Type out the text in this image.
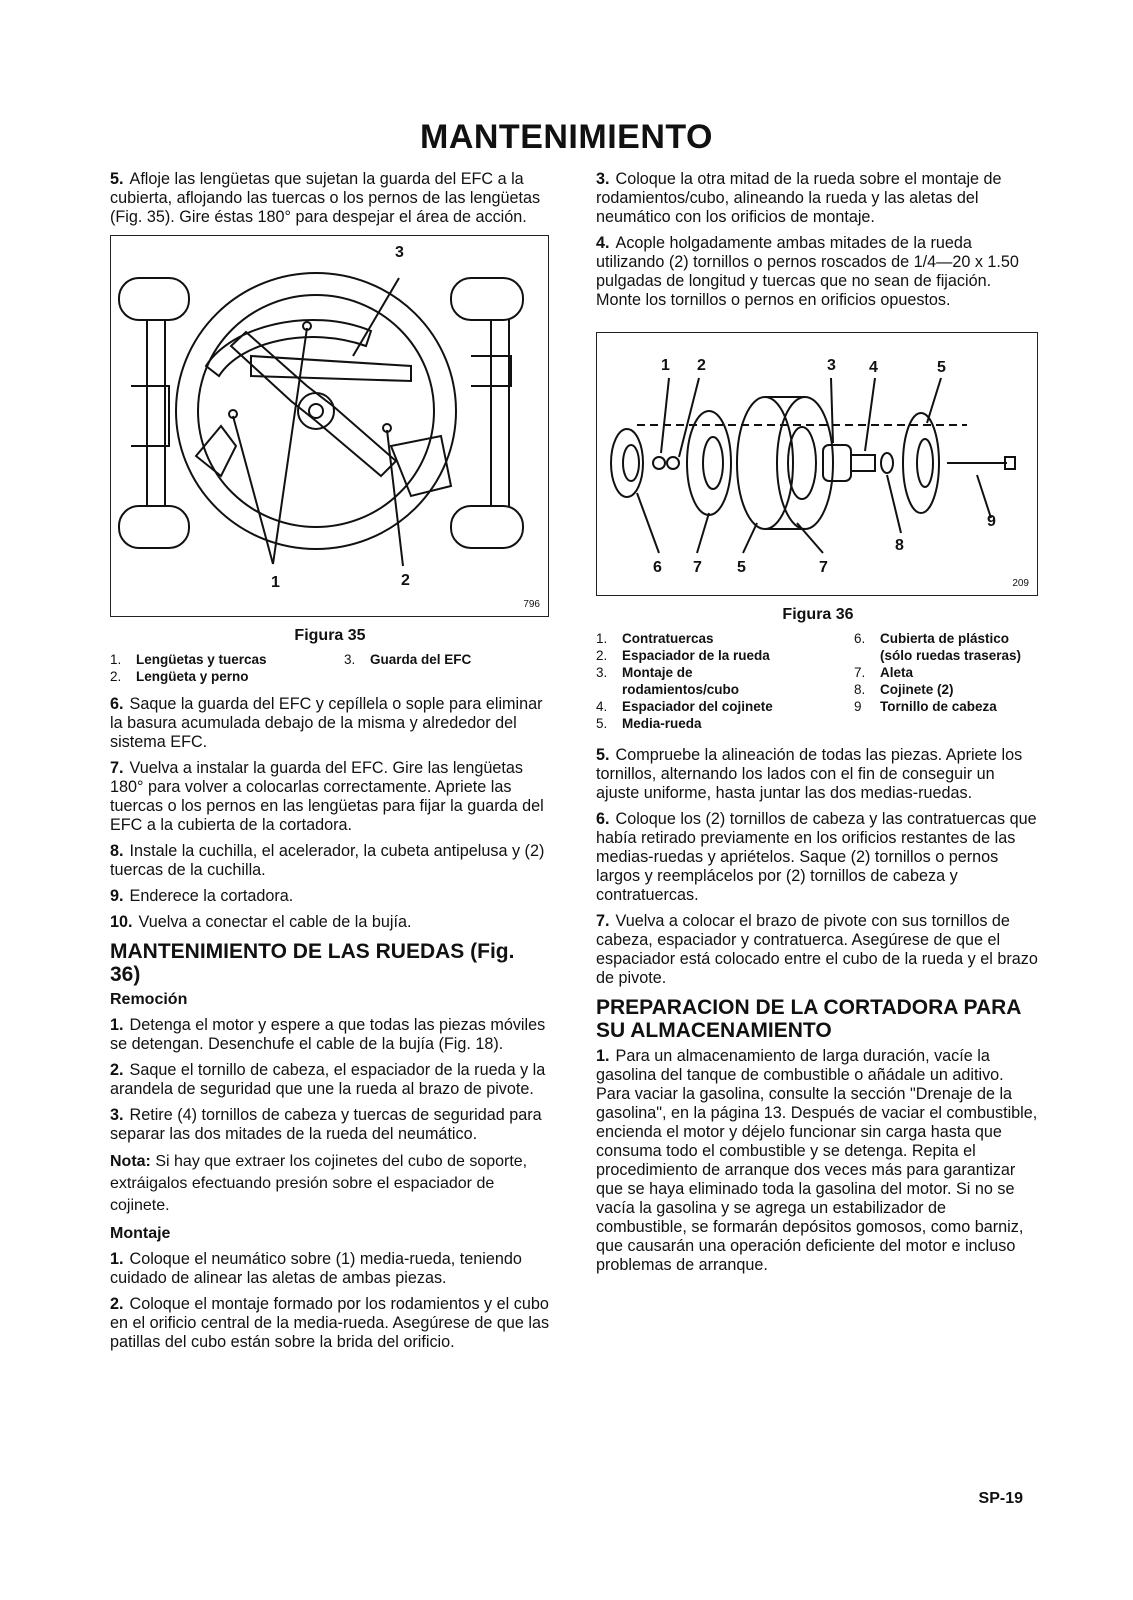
MANTENIMIENTO

5. Afloje las lengüetas que sujetan la guarda del EFC a la cubierta, aflojando las tuercas o los pernos de las lengüetas (Fig. 35). Gire éstas 180° para despejar el área de acción.

3
1	2
796
Figura 35
1.	Lengüetas y tuercas	3.	Guarda del EFC
2.	Lengüeta y perno

6. Saque la guarda del EFC y cepíllela o sople para eliminar la basura acumulada debajo de la misma y alrededor del sistema EFC.

7. Vuelva a instalar la guarda del EFC. Gire las lengüetas 180° para volver a colocarlas correctamente. Apriete las tuercas o los pernos en las lengüetas para fijar la guarda del EFC a la cubierta de la cortadora.

8. Instale la cuchilla, el acelerador, la cubeta antipelusa y (2) tuercas de la cuchilla.

9. Enderece la cortadora.

10. Vuelva a conectar el cable de la bujía.

MANTENIMIENTO DE LAS RUEDAS (Fig. 36)
Remoción

1. Detenga el motor y espere a que todas las piezas móviles se detengan. Desenchufe el cable de la bujía (Fig. 18).

2. Saque el tornillo de cabeza, el espaciador de la rueda y la arandela de seguridad que une la rueda al brazo de pivote.

3. Retire (4) tornillos de cabeza y tuercas de seguridad para separar las dos mitades de la rueda del neumático.

Nota: Si hay que extraer los cojinetes del cubo de soporte, extráigalos efectuando presión sobre el espaciador de cojinete.

Montaje

1. Coloque el neumático sobre (1) media-rueda, teniendo cuidado de alinear las aletas de ambas piezas.

2. Coloque el montaje formado por los rodamientos y el cubo en el orificio central de la media-rueda. Asegúrese de que las patillas del cubo están sobre la brida del orificio.

3. Coloque la otra mitad de la rueda sobre el montaje de rodamientos/cubo, alineando la rueda y las aletas del neumático con los orificios de montaje.

4. Acople holgadamente ambas mitades de la rueda utilizando (2) tornillos o pernos roscados de 1/4—20 x 1.50 pulgadas de longitud y tuercas que no sean de fijación. Monte los tornillos o pernos en orificios opuestos.

1 2	3 4	5
6 7 5	7
8
9
209
Figura 36
1.	Contratuercas
2.	Espaciador de la rueda
3.	Montaje de rodamientos/cubo
4.	Espaciador del cojinete
5.	Media-rueda
6.	Cubierta de plástico (sólo ruedas traseras)
7.	Aleta
8.	Cojinete (2)
9	Tornillo de cabeza

5. Compruebe la alineación de todas las piezas. Apriete los tornillos, alternando los lados con el fin de conseguir un ajuste uniforme, hasta juntar las dos medias-ruedas.

6. Coloque los (2) tornillos de cabeza y las contratuercas que había retirado previamente en los orificios restantes de las medias-ruedas y apriételos. Saque (2) tornillos o pernos largos y reemplácelos por (2) tornillos de cabeza y contratuercas.

7. Vuelva a colocar el brazo de pivote con sus tornillos de cabeza, espaciador y contratuerca. Asegúrese de que el espaciador está colocado entre el cubo de la rueda y el brazo de pivote.

PREPARACION DE LA CORTADORA PARA SU ALMACENAMIENTO

1. Para un almacenamiento de larga duración, vacíe la gasolina del tanque de combustible o añádale un aditivo. Para vaciar la gasolina, consulte la sección "Drenaje de la gasolina", en la página 13. Después de vaciar el combustible, encienda el motor y déjelo funcionar sin carga hasta que consuma todo el combustible y se detenga. Repita el procedimiento de arranque dos veces más para garantizar que se haya eliminado toda la gasolina del motor. Si no se vacía la gasolina y se agrega un estabilizador de combustible, se formarán depósitos gomosos, como barniz, que causarán una operación deficiente del motor e incluso problemas de arranque.

SP-19
